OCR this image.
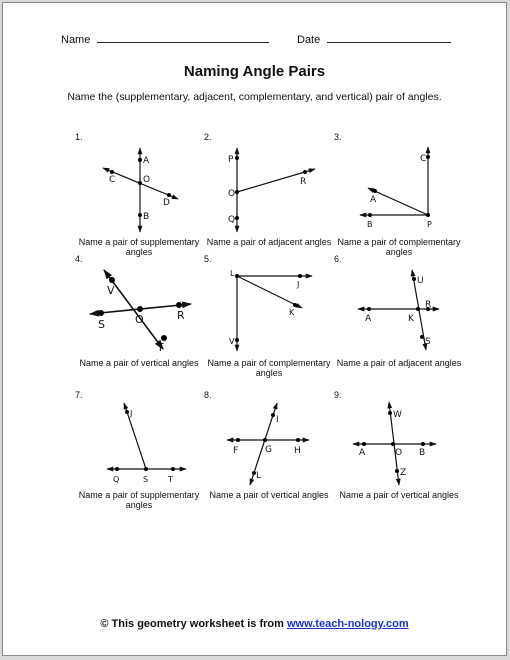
Name	Date
Naming Angle Pairs
Name the (supplementary, adjacent, complementary, and vertical) pair of angles.
1.
A
C	O
D
B
Name a pair of supplementary angles
2.
P
O
R
Q
Name a pair of adjacent angles
3.
C
A
B	P
Name a pair of complementary angles
4.
V
S	O	R
T
Name a pair of vertical angles
5.
L
J
K
V
Name a pair of complementary angles
6.
U
R
A	K
S
Name a pair of adjacent angles
7.
J
Q	S T
Name a pair of supplementary angles
8.
I
F	G H
L
Name a pair of vertical angles
9.
W
A	O B
Z
Name a pair of vertical angles
© This geometry worksheet is from www.teach-nology.com
